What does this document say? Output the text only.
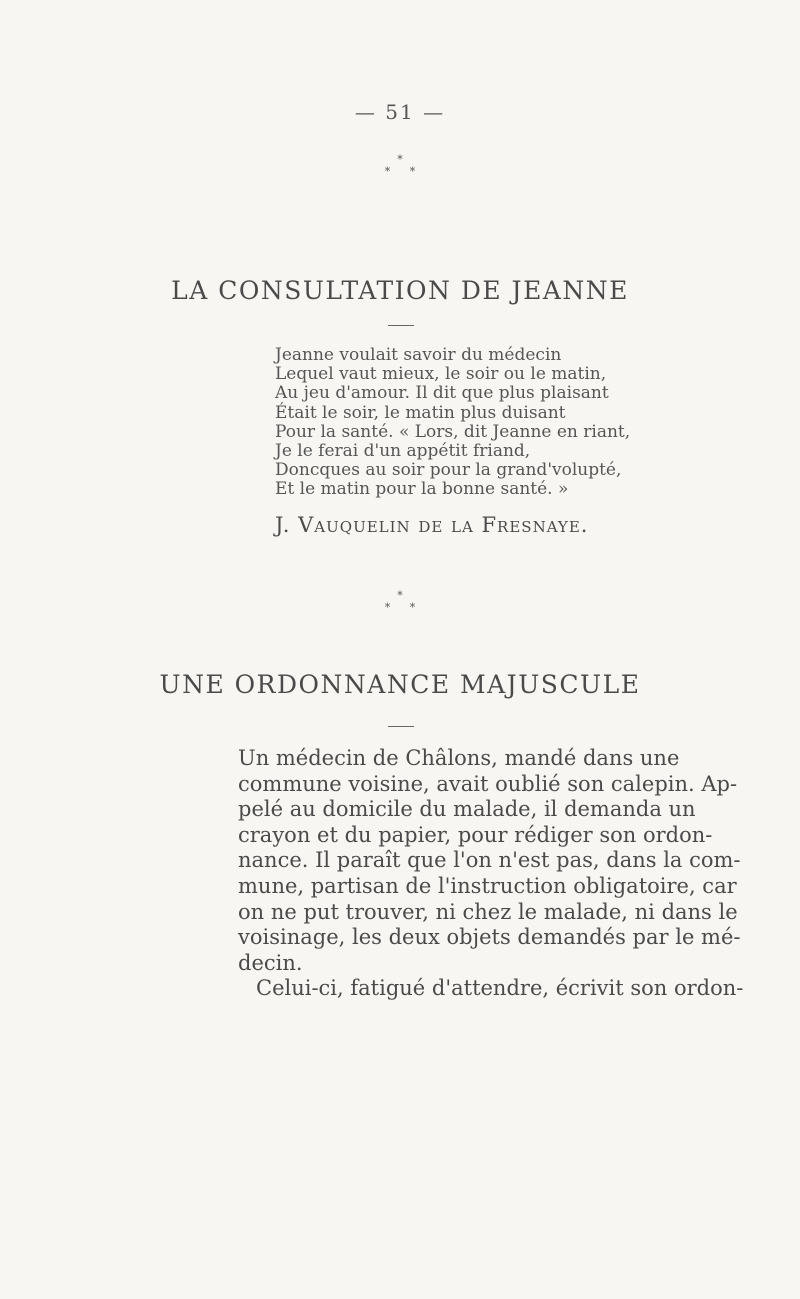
— 51 —
*
* *
LA CONSULTATION DE JEANNE
Jeanne voulait savoir du médecin
Lequel vaut mieux, le soir ou le matin,
Au jeu d'amour. Il dit que plus plaisant
Était le soir, le matin plus duisant
Pour la santé. « Lors, dit Jeanne en riant,
Je le ferai d'un appétit friand,
Doncques au soir pour la grand'volupté,
Et le matin pour la bonne santé. »
J. Vauquelin de la Fresnaye.
*
* *
UNE ORDONNANCE MAJUSCULE
Un médecin de Châlons, mandé dans une
commune voisine, avait oublié son calepin. Ap-
pelé au domicile du malade, il demanda un
crayon et du papier, pour rédiger son ordon-
nance. Il paraît que l'on n'est pas, dans la com-
mune, partisan de l'instruction obligatoire, car
on ne put trouver, ni chez le malade, ni dans le
voisinage, les deux objets demandés par le mé-
decin.
Celui-ci, fatigué d'attendre, écrivit son ordon-
